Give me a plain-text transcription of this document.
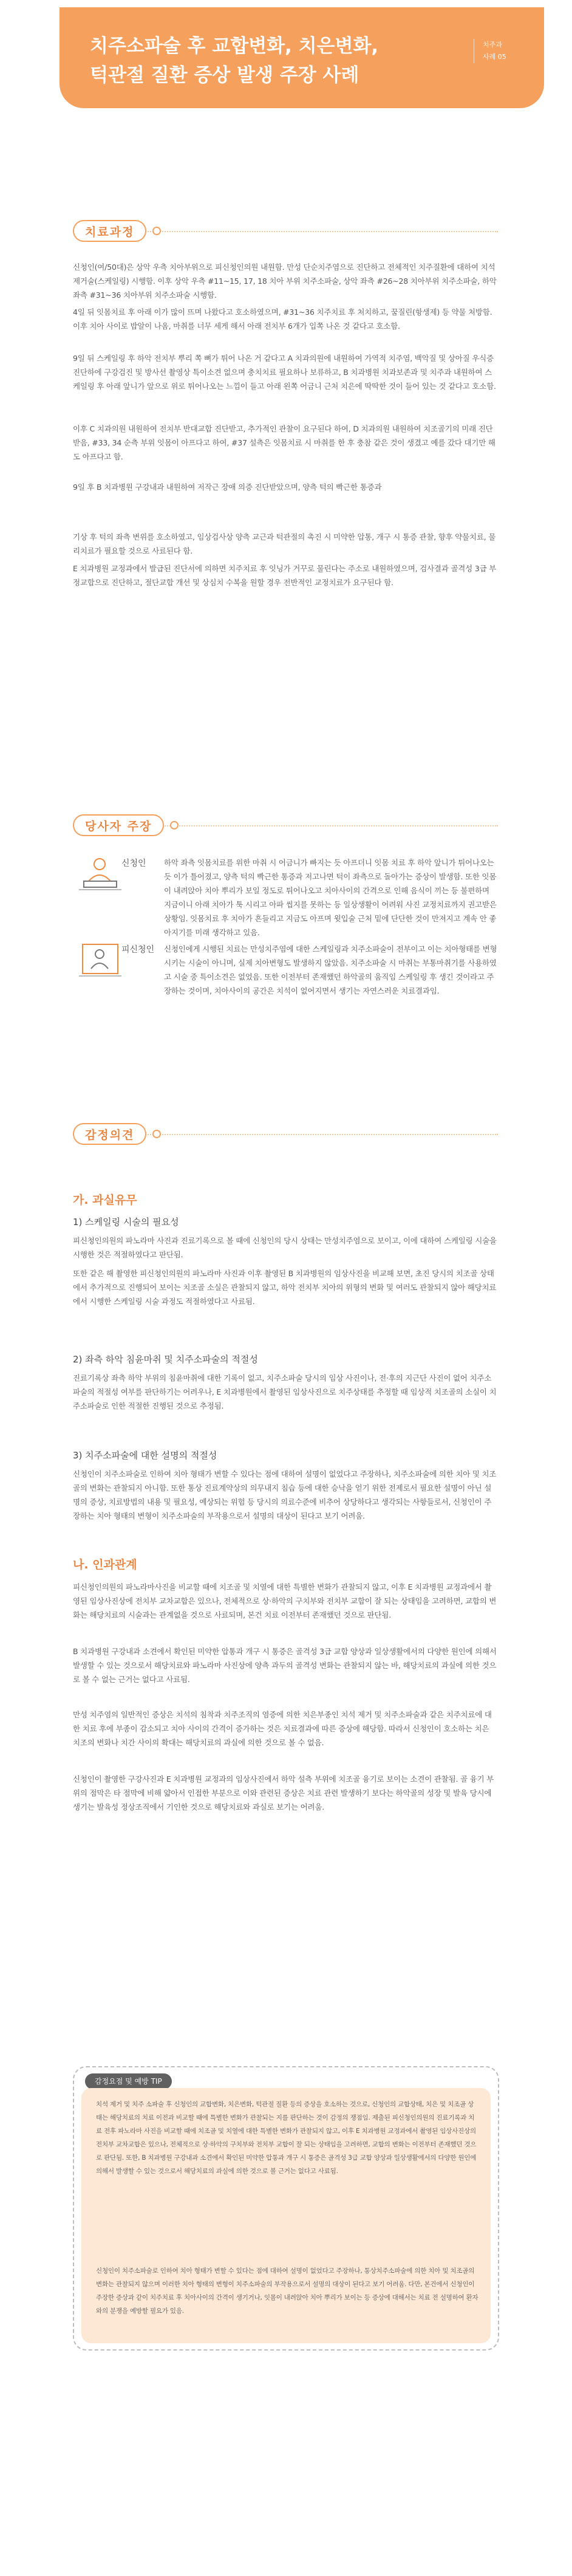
치주소파술 후 교합변화, 치은변화,
턱관절 질환 증상 발생 주장 사례
치주과
사례 05
치료과정
신청인(여/50대)은 상악 우측 치아부위으로 피신청인의원 내원함. 만성 단순치주염으로 진단하고 전체적인 치주질환에 대하여 치석제거술(스케일링) 시행함. 이후 상악 우측 #11~15, 17, 18 치아 부위 치주소파술, 상악 좌측 #26~28 치아부위 치주소파술, 하악 좌측 #31~36 치아부위 치주소파술 시행함.
4일 뒤 잇몸치료 후 아래 이가 많이 뜨며 나왔다고 호소하였으며, #31~36 치주치료 후 처치하고, 꿈질린(항생제) 등 약물 처방함. 이후 치아 사이로 밥알이 나옴, 마취를 너무 세게 해서 아래 전치부 6개가 입쪽 나온 것 같다고 호소함.
9일 뒤 스케일링 후 하악 전치부 뿌리 쪽 뼈가 튀어 나온 거 같다고 A 치과의원에 내원하여 가역적 치주염, 백악질 및 상아질 우식증 진단하에 구강검진 및 방사선 촬영상 특이소견 없으며 충치치료 필요하나 보류하고, B 치과병원 치과보존과 및 치주과 내원하여 스케일링 후 아래 앞니가 앞으로 위로 튀어나오는 느낌이 들고 아래 왼쪽 어금니 근처 치은에 딱딱한 것이 들어 있는 것 같다고 호소함.
이후 C 치과의원 내원하여 전치부 반대교합 진단받고, 추가적인 관찰이 요구된다 하여, D 치과의원 내원하여 치조골기의 미래 진단받음, #33, 34 순측 부위 잇몸이 아프다고 하여, #37 설측은 잇몸치료 시 마취를 한 후 충참 같은 것이 생겼고 예를 갔다 대기만 해도 아프다고 함.
9일 후 B 치과병원 구강내과 내원하여 저작근 장애 의증 진단받았으며, 양측 턱의 빡근한 통증과
기상 후 턱의 좌측 변위를 호소하였고, 임상검사상 양측 교근과 턱관절의 촉진 시 미약한 압통, 개구 시 통증 관찰, 향후 약물치료, 물리치료가 필요할 것으로 사료된다 함.
E 치과병원 교정과에서 발급된 진단서에 의하면 치주치료 후 잇닝가 거꾸로 물린다는 주소로 내원하였으며, 검사결과 골격성 3급 부정교합으로 진단하고, 절단교합 개선 및 상심치 수복을 원할 경우 전반적인 교정치료가 요구된다 함.
당사자 주장
신청인 하악 좌측 잇몸치료를 위한 마취 시 어금니가 빠지는 듯 아프더니 잇몸 치료 후 하악 앞니가 튀어나오는 듯 이가 틀어졌고, 양측 턱의 빡근한 통증과 저고나면 턱이 좌측으로 돌아가는 증상이 발생함. 또한 잇몸이 내려앉아 치아 뿌리가 보일 정도로 튀어나오고 치아사이의 간격으로 인해 음식이 끼는 등 불편하며 지금이니 아래 치아가 툭 시리고 아파 씹지를 못하는 등 일상생활이 어려워 사진 교정치료까지 권고받은 상황임. 잇몸치료 후 치아가 흔들리고 지금도 아프며 윗입술 근처 밑에 단단한 것이 만져지고 계속 안 좋아지기를 미래 생각하고 있음.
피신청인 신청인에게 시행된 치료는 만성치주염에 대한 스케일링과 치주소파술이 전부이고 이는 치아형태를 변형시키는 시술이 아니며, 실제 치아변형도 발생하지 않았음. 치주소파술 시 마취는 부통마취기를 사용하였고 시술 중 특이소견은 없었음. 또한 이전부터 존재했던 하악골의 움직임 스케일링 후 생긴 것이라고 주장하는 것이며, 치아사이의 공간은 치석이 없어지면서 생기는 자연스러운 치료결과임.
감정의견
가. 과실유무
1) 스케일링 시술의 필요성
피신청인의원의 파노라마 사진과 진료기록으로 볼 때에 신청인의 당시 상태는 만성치주염으로 보이고, 이에 대하여 스케일링 시술을 시행한 것은 적절하였다고 판단됨.
또한 같은 해 촬영한 피신청인의원의 파노라마 사진과 이후 촬영된 B 치과병원의 임상사진을 비교해 보면, 초진 당시의 치조골 상태에서 추가적으로 진행되어 보이는 치조골 소실은 관찰되지 않고, 하악 전치부 치아의 위형의 변화 및 여러도 관찰되지 않아 해당치료에서 시행한 스케일링 시술 과정도 적절하였다고 사료됨.
2) 좌측 하악 침윤마취 및 치주소파술의 적절성
진료기록상 좌측 하악 부위의 침윤마취에 대한 기록이 없고, 치주소파술 당시의 임상 사진이나, 전·후의 지근단 사진이 없어 치주소파술의 적절성 여부를 판단하기는 어려우나, E 치과병원에서 촬영된 임상사진으로 치주상태를 추정할 때 임상적 치조골의 소실이 치주소파술로 인한 적절한 진행된 것으로 추정됨.
3) 치주소파술에 대한 설명의 적절성
신청인이 치주소파술로 인하여 치아 형태가 변할 수 있다는 점에 대하여 설명이 없었다고 주장하나, 치주소파술에 의한 치아 및 치조골의 변화는 관찰되지 아니함. 또한 통상 진료계약상의 의무내지 침습 등에 대한 승낙을 얻기 위한 전제로서 필요한 설명이 아닌 설명의 증상, 치료방법의 내용 및 필요성, 예상되는 위험 등 당시의 의료수준에 비추어 상당하다고 생각되는 사항들로서, 신청인이 주장하는 치아 형태의 변형이 치주소파술의 부작용으로서 설명의 대상이 된다고 보기 어려움.
나. 인과관계
피신청인의원의 파노라마사진을 비교할 때에 치조골 및 치열에 대한 특별한 변화가 관찰되지 않고, 이후 E 치과병원 교정과에서 촬영된 임상사진상에 전치부 교차교합은 있으나, 전체적으로 상·하악의 구치부와 전치부 교합이 잘 되는 상태임을 고려하면, 교합의 변화는 해당치료의 시술과는 관계없을 것으로 사료되며, 본건 치료 이전부터 존재했던 것으로 판단됨.
B 치과병원 구강내과 소견에서 확인된 미약한 압통과 개구 시 통증은 골격성 3급 교합 양상과 일상생활에서의 다양한 원인에 의해서 발생할 수 있는 것으로서 해당치료와 파노라마 사진상에 양측 과두의 골격성 변화는 관찰되지 않는 바, 해당치료의 과실에 의한 것으로 볼 수 없는 근거는 없다고 사료됨.
만성 치주염의 일반적인 증상은 치석의 침착과 치주조직의 염증에 의한 치은부종인 치석 제거 및 치주소파술과 같은 치주치료에 대한 치료 후에 부종이 감소되고 치아 사이의 간격이 증가하는 것은 치료결과에 따른 증상에 해당함. 따라서 신청인이 호소하는 치은 치조의 변화나 치간 사이의 확대는 해당치료의 과실에 의한 것으로 볼 수 없음.
신청인이 촬영한 구강사진과 E 치과병원 교정과의 임상사진에서 하악 설측 부위에 치조골 융기로 보이는 소견이 관찰됨. 골 융기 부위의 점막은 타 점막에 비해 얇아서 인접한 부분으로 이와 관련된 증상은 치료 관련 발생하기 보다는 하악골의 성장 및 발육 당시에 생기는 발육성 정상조직에서 기인한 것으로 해당치료와 과실로 보기는 어려움.
감정요점 및 예방 TIP
치석 제거 및 치주 소파술 후 신청인의 교합변화, 치은변화, 턱관절 질환 등의 증상을 호소하는 것으로, 신청인의 교합상태, 치은 및 치조골 상태는 해당치료의 치료 이전과 비교할 때에 특별한 변화가 관찰되는 지를 판단하는 것이 감정의 쟁점임. 제출된 피신청인의원의 진료기록과 치료 전후 파노라마 사진을 비교할 때에 치조골 및 치열에 대한 특별한 변화가 관찰되지 않고, 이후 E 치과병원 교정과에서 촬영된 임상사진상의 전치부 교차교합은 있으나, 전체적으로 상·하악의 구치부와 전치부 교합이 잘 되는 상태임을 고려하면, 교합의 변화는 이전부터 존재했던 것으로 판단됨. 또한, B 치과병원 구강내과 소견에서 확인된 미약한 압통과 개구 시 통증은 골격성 3급 교합 양상과 일상생활에서의 다양한 원인에 의해서 발생할 수 있는 것으로서 해당치료의 과실에 의한 것으로 볼 근거는 없다고 사료됨.
신청인이 치주소파술로 인하여 치아 형태가 변할 수 있다는 점에 대하여 설명이 없었다고 주장하나, 통상치주소파술에 의한 치아 및 치조골의 변화는 관찰되지 않으며 이러한 치아 형태의 변형이 치주소파술의 부작용으로서 설명의 대상이 된다고 보기 어려움. 다만, 본건에서 신청인이 주장한 증상과 같이 치주치료 후 치아사이의 간격이 생기거나, 잇몸이 내려앉아 치아 뿌리가 보이는 등 증상에 대해서는 치료 전 설명하여 환자와의 분쟁을 예방할 필요가 있음.
